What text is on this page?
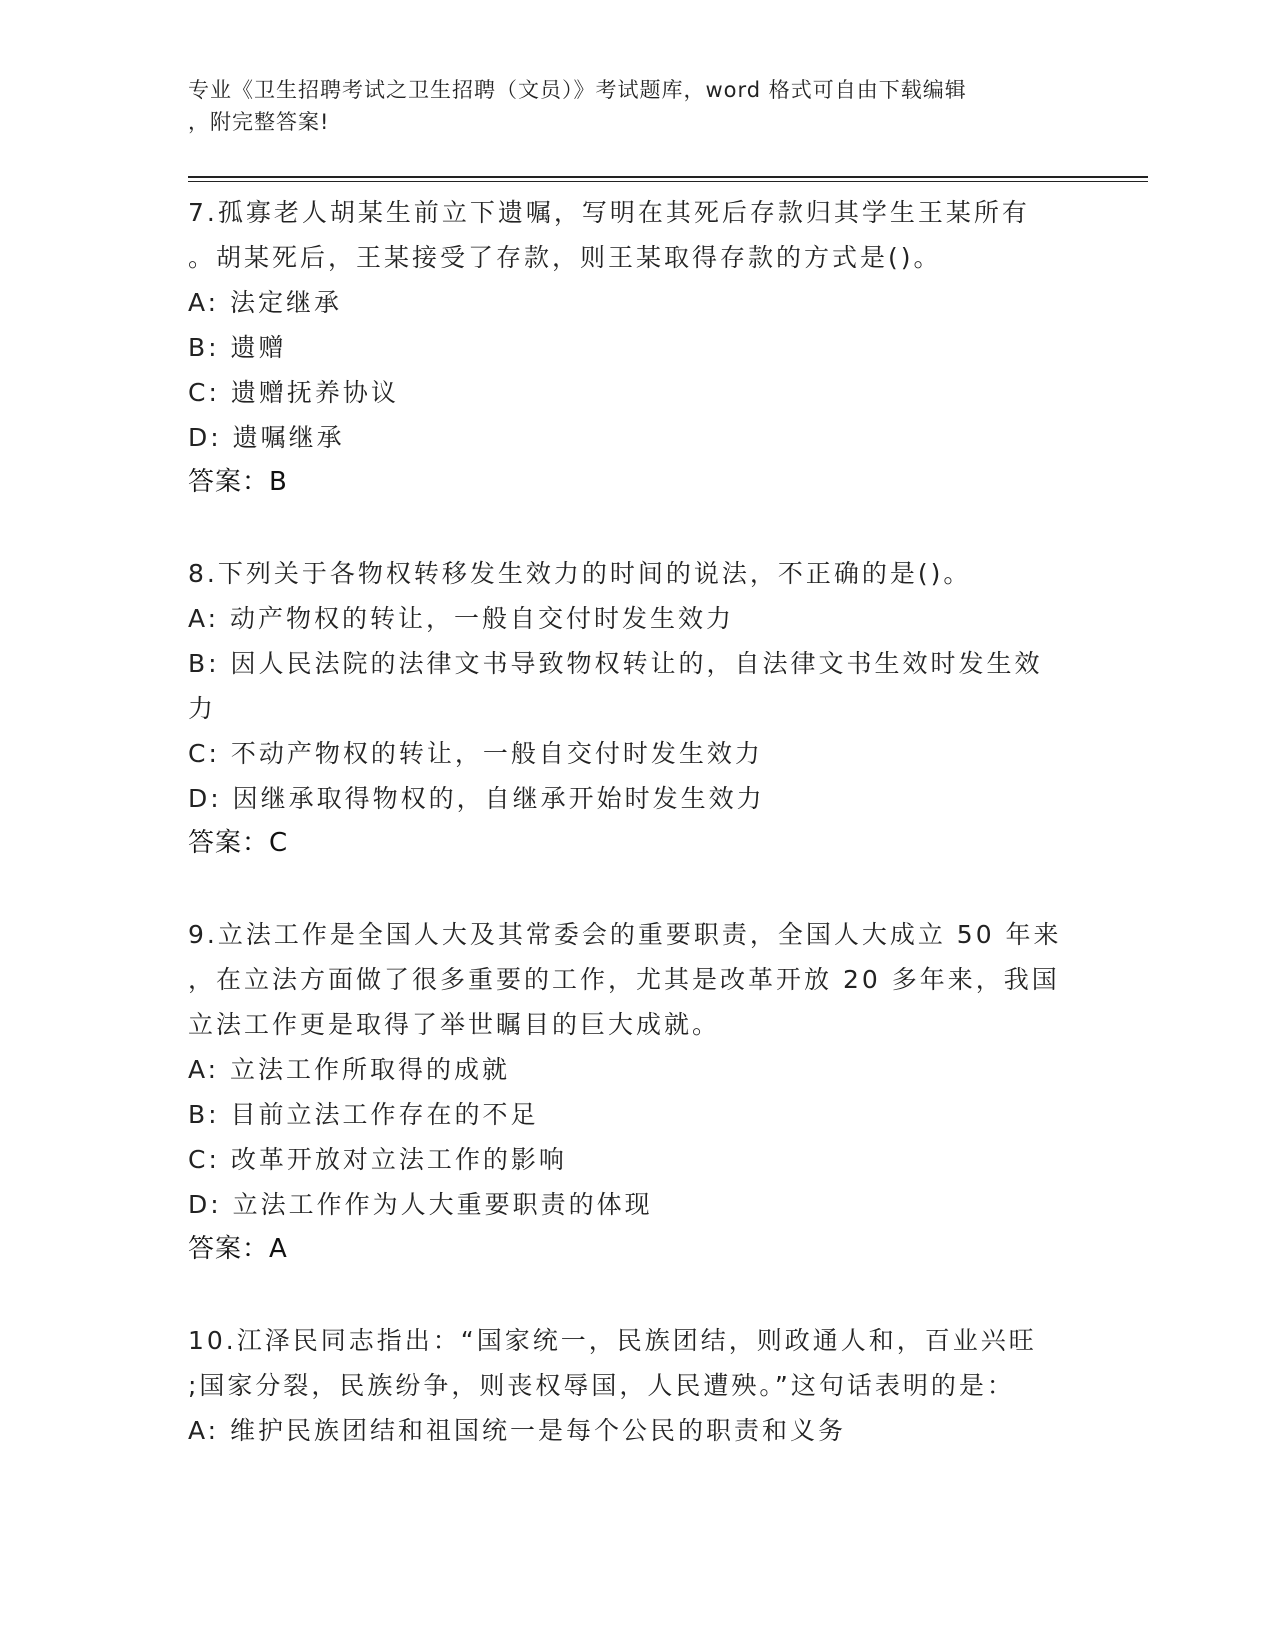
专业《卫生招聘考试之卫生招聘（文员）》考试题库，word 格式可自由下载编辑
，附完整答案!
7.孤寡老人胡某生前立下遗嘱，写明在其死后存款归其学生王某所有
。胡某死后，王某接受了存款，则王某取得存款的方式是()。
A: 法定继承
B: 遗赠
C: 遗赠抚养协议
D: 遗嘱继承
答案：B
8.下列关于各物权转移发生效力的时间的说法，不正确的是()。
A: 动产物权的转让，一般自交付时发生效力
B: 因人民法院的法律文书导致物权转让的，自法律文书生效时发生效
力
C: 不动产物权的转让，一般自交付时发生效力
D: 因继承取得物权的，自继承开始时发生效力
答案：C
9.立法工作是全国人大及其常委会的重要职责，全国人大成立 50 年来
，在立法方面做了很多重要的工作，尤其是改革开放 20 多年来，我国
立法工作更是取得了举世瞩目的巨大成就。
A: 立法工作所取得的成就
B: 目前立法工作存在的不足
C: 改革开放对立法工作的影响
D: 立法工作作为人大重要职责的体现
答案：A
10.江泽民同志指出：“国家统一，民族团结，则政通人和，百业兴旺
;国家分裂，民族纷争，则丧权辱国，人民遭殃。”这句话表明的是：
A: 维护民族团结和祖国统一是每个公民的职责和义务
